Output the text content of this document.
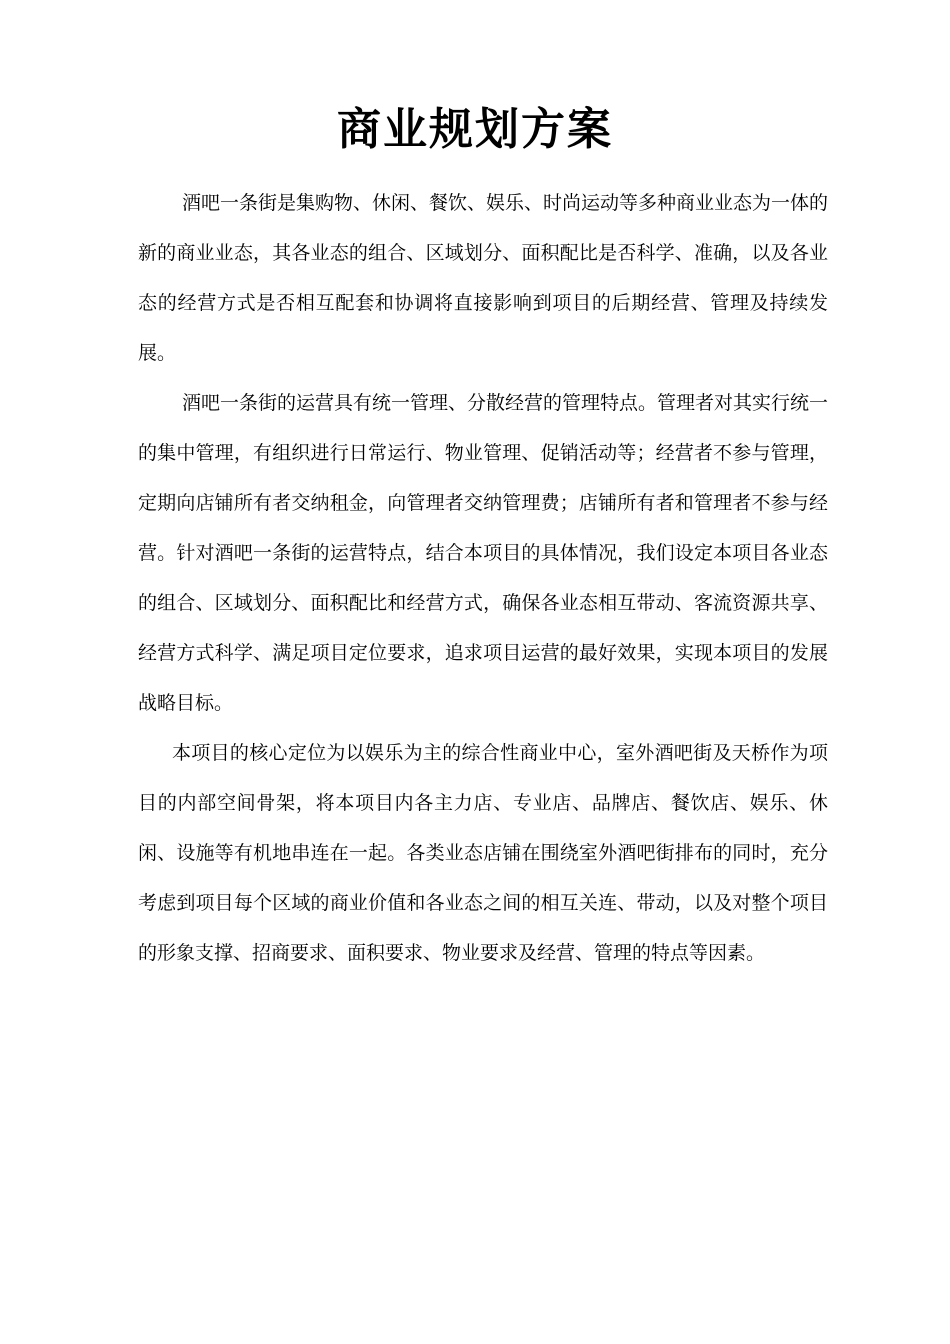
商业规划方案

酒吧一条街是集购物、休闲、餐饮、娱乐、时尚运动等多种商业业态为一体的新的商业业态，其各业态的组合、区域划分、面积配比是否科学、准确，以及各业态的经营方式是否相互配套和协调将直接影响到项目的后期经营、管理及持续发展。

酒吧一条街的运营具有统一管理、分散经营的管理特点。管理者对其实行统一的集中管理，有组织进行日常运行、物业管理、促销活动等；经营者不参与管理，定期向店铺所有者交纳租金，向管理者交纳管理费；店铺所有者和管理者不参与经营。针对酒吧一条街的运营特点，结合本项目的具体情况，我们设定本项目各业态的组合、区域划分、面积配比和经营方式，确保各业态相互带动、客流资源共享、经营方式科学、满足项目定位要求，追求项目运营的最好效果，实现本项目的发展战略目标。

本项目的核心定位为以娱乐为主的综合性商业中心，室外酒吧街及天桥作为项目的内部空间骨架，将本项目内各主力店、专业店、品牌店、餐饮店、娱乐、休闲、设施等有机地串连在一起。各类业态店铺在围绕室外酒吧街排布的同时，充分考虑到项目每个区域的商业价值和各业态之间的相互关连、带动，以及对整个项目的形象支撑、招商要求、面积要求、物业要求及经营、管理的特点等因素。
